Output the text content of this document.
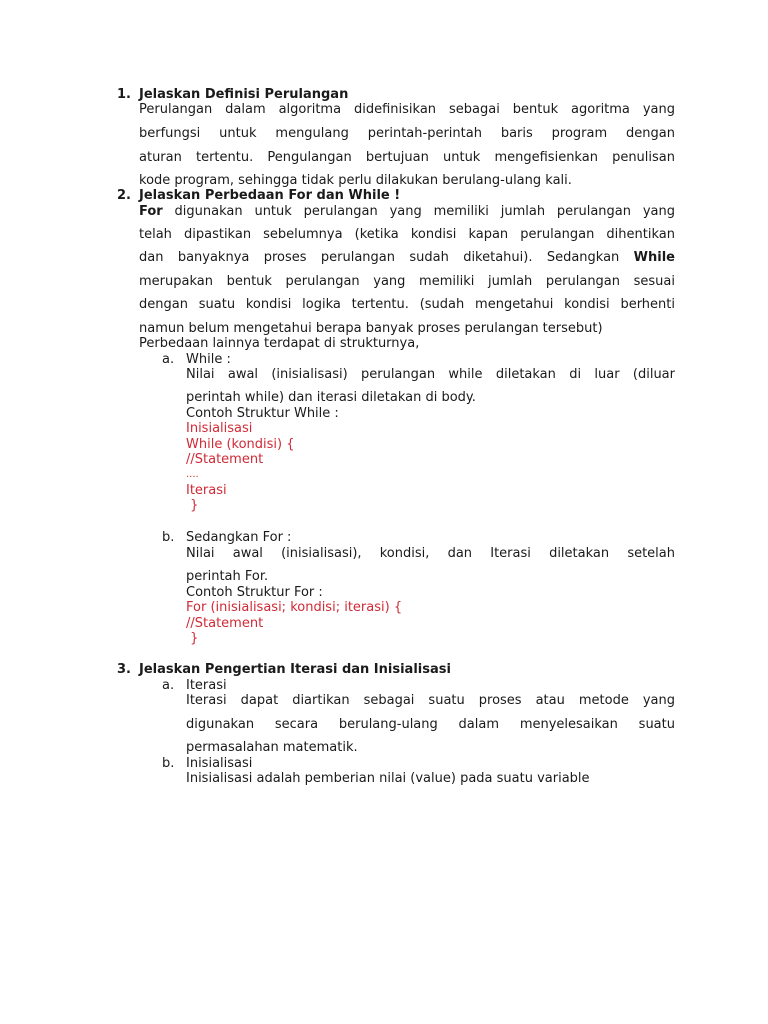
1. Jelaskan Definisi Perulangan
Perulangan dalam algoritma didefinisikan sebagai bentuk agoritma yang
berfungsi untuk mengulang perintah-perintah baris program dengan
aturan tertentu. Pengulangan bertujuan untuk mengefisienkan penulisan
kode program, sehingga tidak perlu dilakukan berulang-ulang kali.
2. Jelaskan Perbedaan For dan While !
For digunakan untuk perulangan yang memiliki jumlah perulangan yang
telah dipastikan sebelumnya (ketika kondisi kapan perulangan dihentikan
dan banyaknya proses perulangan sudah diketahui). Sedangkan While
merupakan bentuk perulangan yang memiliki jumlah perulangan sesuai
dengan suatu kondisi logika tertentu. (sudah mengetahui kondisi berhenti
namun belum mengetahui berapa banyak proses perulangan tersebut)
Perbedaan lainnya terdapat di strukturnya,
a. While :
Nilai awal (inisialisasi) perulangan while diletakan di luar (diluar
perintah while) dan iterasi diletakan di body.
Contoh Struktur While :
Inisialisasi
While (kondisi) {
//Statement
....
Iterasi
}
b. Sedangkan For :
Nilai awal (inisialisasi), kondisi, dan Iterasi diletakan setelah
perintah For.
Contoh Struktur For :
For (inisialisasi; kondisi; iterasi) {
//Statement
}
3. Jelaskan Pengertian Iterasi dan Inisialisasi
a. Iterasi
Iterasi dapat diartikan sebagai suatu proses atau metode yang
digunakan secara berulang-ulang dalam menyelesaikan suatu
permasalahan matematik.
b. Inisialisasi
Inisialisasi adalah pemberian nilai (value) pada suatu variable
